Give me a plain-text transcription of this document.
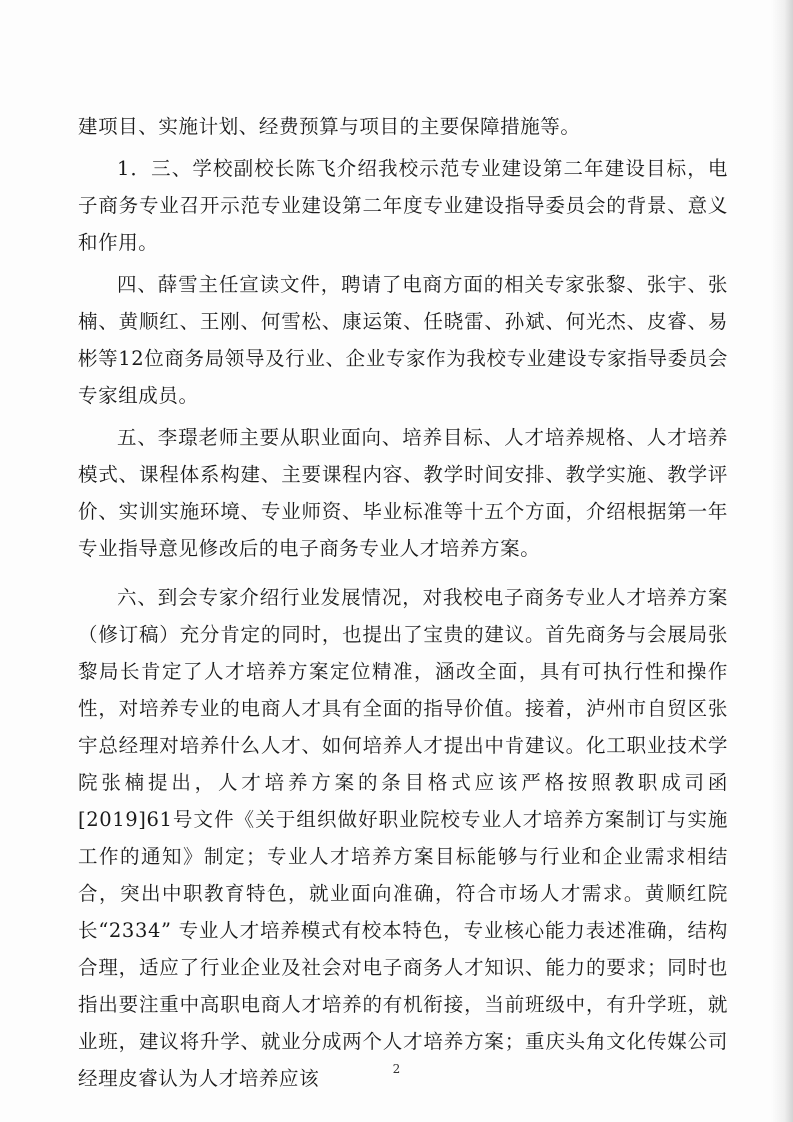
建项目、实施计划、经费预算与项目的主要保障措施等。

1．三、学校副校长陈飞介绍我校示范专业建设第二年建设目标，电子商务专业召开示范专业建设第二年度专业建设指导委员会的背景、意义和作用。

四、薛雪主任宣读文件，聘请了电商方面的相关专家张黎、张宇、张楠、黄顺红、王刚、何雪松、康运策、任晓雷、孙斌、何光杰、皮睿、易彬等12位商务局领导及行业、企业专家作为我校专业建设专家指导委员会专家组成员。

五、李璟老师主要从职业面向、培养目标、人才培养规格、人才培养模式、课程体系构建、主要课程内容、教学时间安排、教学实施、教学评价、实训实施环境、专业师资、毕业标准等十五个方面，介绍根据第一年专业指导意见修改后的电子商务专业人才培养方案。

六、到会专家介绍行业发展情况，对我校电子商务专业人才培养方案（修订稿）充分肯定的同时，也提出了宝贵的建议。首先商务与会展局张黎局长肯定了人才培养方案定位精准，涵改全面，具有可执行性和操作性，对培养专业的电商人才具有全面的指导价值。接着，泸州市自贸区张宇总经理对培养什么人才、如何培养人才提出中肯建议。化工职业技术学院张楠提出，人才培养方案的条目格式应该严格按照教职成司函[2019]61号文件《关于组织做好职业院校专业人才培养方案制订与实施工作的通知》制定；专业人才培养方案目标能够与行业和企业需求相结合，突出中职教育特色，就业面向准确，符合市场人才需求。黄顺红院长“2334” 专业人才培养模式有校本特色，专业核心能力表述准确，结构合理，适应了行业企业及社会对电子商务人才知识、能力的要求；同时也指出要注重中高职电商人才培养的有机衔接，当前班级中，有升学班，就业班，建议将升学、就业分成两个人才培养方案；重庆头角文化传媒公司经理皮睿认为人才培养应该	2
